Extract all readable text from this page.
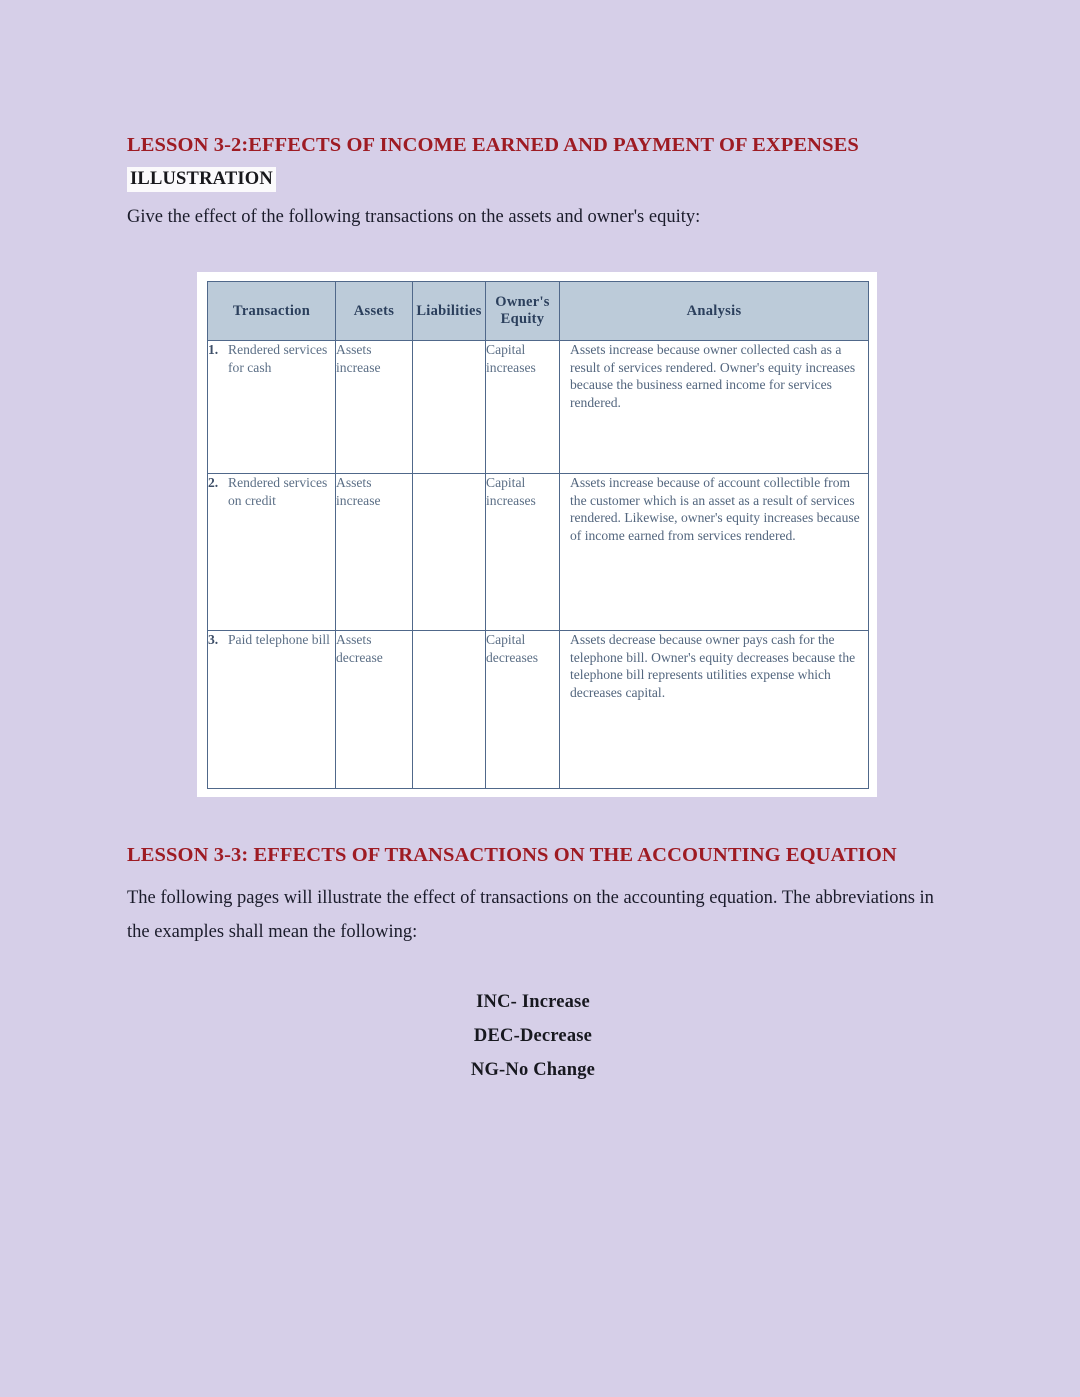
LESSON 3-2:EFFECTS OF INCOME EARNED AND PAYMENT OF EXPENSES
ILLUSTRATION

Give the effect of the following transactions on the assets and owner's equity:

Transaction	Assets	Liabilities	Owner's Equity	Analysis

1. Rendered services for cash	Assets increase		Capital increases	Assets increase because owner collected cash as a result of services rendered. Owner's equity increases because the business earned income for services rendered.

2. Rendered services on credit	Assets increase		Capital increases	Assets increase because of account collectible from the customer which is an asset as a result of services rendered. Likewise, owner's equity increases because of income earned from services rendered.

3. Paid telephone bill	Assets decrease		Capital decreases	Assets decrease because owner pays cash for the telephone bill. Owner's equity decreases because the telephone bill represents utilities expense which decreases capital.
LESSON 3-3: EFFECTS OF TRANSACTIONS ON THE ACCOUNTING EQUATION

The following pages will illustrate the effect of transactions on the accounting equation. The abbreviations in the examples shall mean the following:

INC- Increase
DEC-Decrease
NG-No Change
